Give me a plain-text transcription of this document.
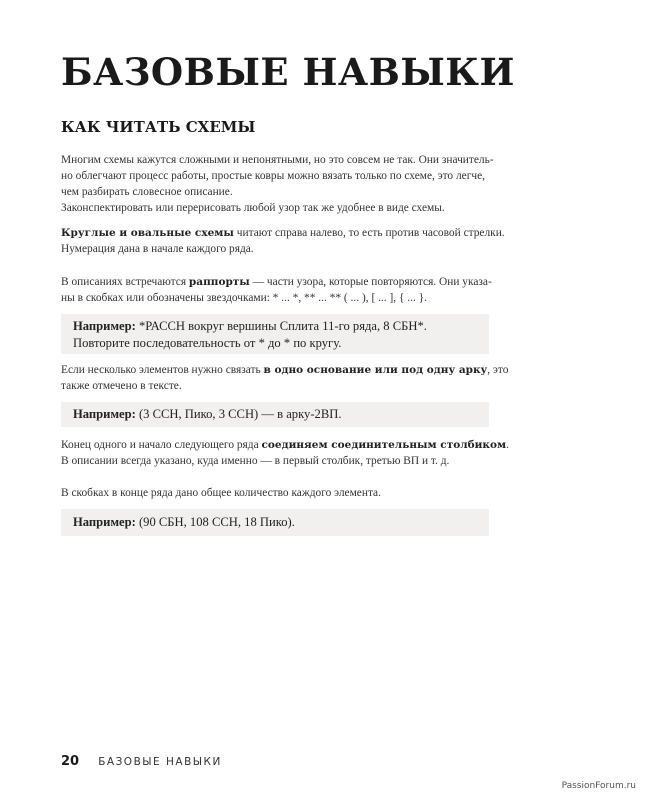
БАЗОВЫЕ НАВЫКИ
КАК ЧИТАТЬ СХЕМЫ
Многим схемы кажутся сложными и непонятными, но это совсем не так. Они значитель-
но облегчают процесс работы, простые ковры можно вязать только по схеме, это легче,
чем разбирать словесное описание.
Законспектировать или перерисовать любой узор так же удобнее в виде схемы.
Круглые и овальные схемы читают справа налево, то есть против часовой стрелки.
Нумерация дана в начале каждого ряда.
В описаниях встречаются раппорты — части узора, которые повторяются. Они указа-
ны в скобках или обозначены звездочками: * ... *, ** ... ** ( ... ), [ ... ], { ... }.
Например: *РАССН вокруг вершины Сплита 11-го ряда, 8 СБН*.
Повторите последовательность от * до * по кругу.
Если несколько элементов нужно связать в одно основание или под одну арку, это
также отмечено в тексте.
Например: (3 ССН, Пико, 3 ССН) — в арку-2ВП.
Конец одного и начало следующего ряда соединяем соединительным столбиком.
В описании всегда указано, куда именно — в первый столбик, третью ВП и т. д.
В скобках в конце ряда дано общее количество каждого элемента.
Например: (90 СБН, 108 ССН, 18 Пико).
20 БАЗОВЫЕ НАВЫКИ
PassionForum.ru
